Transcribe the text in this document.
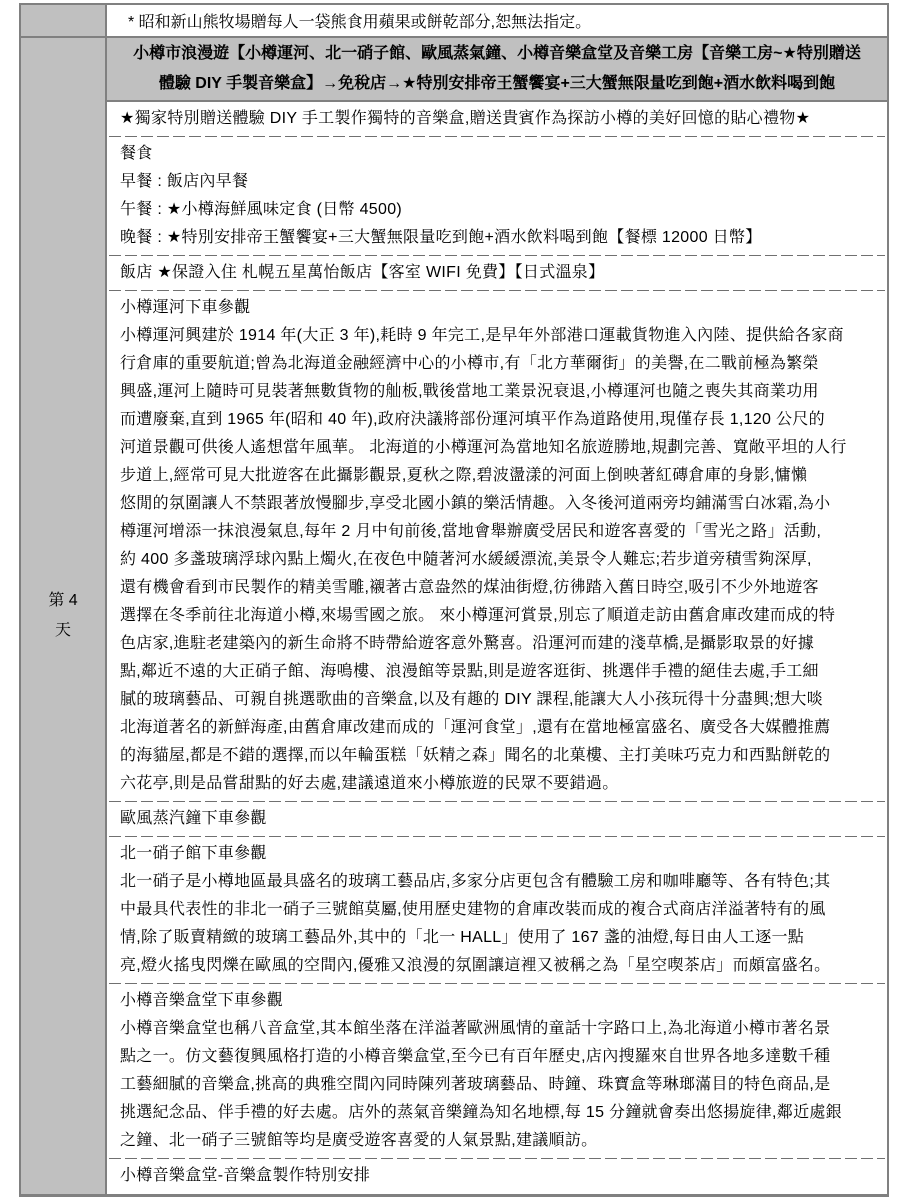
* 昭和新山熊牧場贈每人一袋熊食用蘋果或餅乾部分,恕無法指定。
第 4
天
小樽市浪漫遊【小樽運河、北一硝子館、歐風蒸氣鐘、小樽音樂盒堂及音樂工房【音樂工房~★特別贈送
體驗 DIY 手製音樂盒】→免稅店→★特別安排帝王蟹饗宴+三大蟹無限量吃到飽+酒水飲料喝到飽
★獨家特別贈送體驗 DIY 手工製作獨特的音樂盒,贈送貴賓作為探訪小樽的美好回憶的貼心禮物★
餐食
早餐 : 飯店內早餐
午餐 : ★小樽海鮮風味定食 (日幣 4500)
晚餐 : ★特別安排帝王蟹饗宴+三大蟹無限量吃到飽+酒水飲料喝到飽【餐標 12000 日幣】
飯店 ★保證入住 札幌五星萬怡飯店【客室 WIFI 免費】【日式溫泉】
小樽運河下車參觀
小樽運河興建於 1914 年(大正 3 年),耗時 9 年完工,是早年外部港口運載貨物進入內陸、提供給各家商
行倉庫的重要航道;曾為北海道金融經濟中心的小樽市,有「北方華爾街」的美譽,在二戰前極為繁榮
興盛,運河上隨時可見裝著無數貨物的舢板,戰後當地工業景況衰退,小樽運河也隨之喪失其商業功用
而遭廢棄,直到 1965 年(昭和 40 年),政府決議將部份運河填平作為道路使用,現僅存長 1,120 公尺的
河道景觀可供後人遙想當年風華。 北海道的小樽運河為當地知名旅遊勝地,規劃完善、寬敞平坦的人行
步道上,經常可見大批遊客在此攝影觀景,夏秋之際,碧波盪漾的河面上倒映著紅磚倉庫的身影,慵懶
悠閒的氛圍讓人不禁跟著放慢腳步,享受北國小鎮的樂活情趣。入冬後河道兩旁均鋪滿雪白冰霜,為小
樽運河增添一抹浪漫氣息,每年 2 月中旬前後,當地會舉辦廣受居民和遊客喜愛的「雪光之路」活動,
約 400 多盞玻璃浮球內點上燭火,在夜色中隨著河水緩緩漂流,美景令人難忘;若步道旁積雪夠深厚,
還有機會看到市民製作的精美雪雕,襯著古意盎然的煤油街燈,彷彿踏入舊日時空,吸引不少外地遊客
選擇在冬季前往北海道小樽,來場雪國之旅。 來小樽運河賞景,別忘了順道走訪由舊倉庫改建而成的特
色店家,進駐老建築內的新生命將不時帶給遊客意外驚喜。沿運河而建的淺草橋,是攝影取景的好據
點,鄰近不遠的大正硝子館、海鳴樓、浪漫館等景點,則是遊客逛街、挑選伴手禮的絕佳去處,手工細
膩的玻璃藝品、可親自挑選歌曲的音樂盒,以及有趣的 DIY 課程,能讓大人小孩玩得十分盡興;想大啖
北海道著名的新鮮海產,由舊倉庫改建而成的「運河食堂」,還有在當地極富盛名、廣受各大媒體推薦
的海貓屋,都是不錯的選擇,而以年輪蛋糕「妖精之森」聞名的北菓樓、主打美味巧克力和西點餅乾的
六花亭,則是品嘗甜點的好去處,建議遠道來小樽旅遊的民眾不要錯過。
歐風蒸汽鐘下車參觀
北一硝子館下車參觀
北一硝子是小樽地區最具盛名的玻璃工藝品店,多家分店更包含有體驗工房和咖啡廳等、各有特色;其
中最具代表性的非北一硝子三號館莫屬,使用歷史建物的倉庫改裝而成的複合式商店洋溢著特有的風
情,除了販賣精緻的玻璃工藝品外,其中的「北一 HALL」使用了 167 盞的油燈,每日由人工逐一點
亮,燈火搖曳閃爍在歐風的空間內,優雅又浪漫的氛圍讓這裡又被稱之為「星空喫茶店」而頗富盛名。
小樽音樂盒堂下車參觀
小樽音樂盒堂也稱八音盒堂,其本館坐落在洋溢著歐洲風情的童話十字路口上,為北海道小樽市著名景
點之一。仿文藝復興風格打造的小樽音樂盒堂,至今已有百年歷史,店內搜羅來自世界各地多達數千種
工藝細膩的音樂盒,挑高的典雅空間內同時陳列著玻璃藝品、時鐘、珠寶盒等琳瑯滿目的特色商品,是
挑選紀念品、伴手禮的好去處。店外的蒸氣音樂鐘為知名地標,每 15 分鐘就會奏出悠揚旋律,鄰近處銀
之鐘、北一硝子三號館等均是廣受遊客喜愛的人氣景點,建議順訪。
小樽音樂盒堂-音樂盒製作特別安排
